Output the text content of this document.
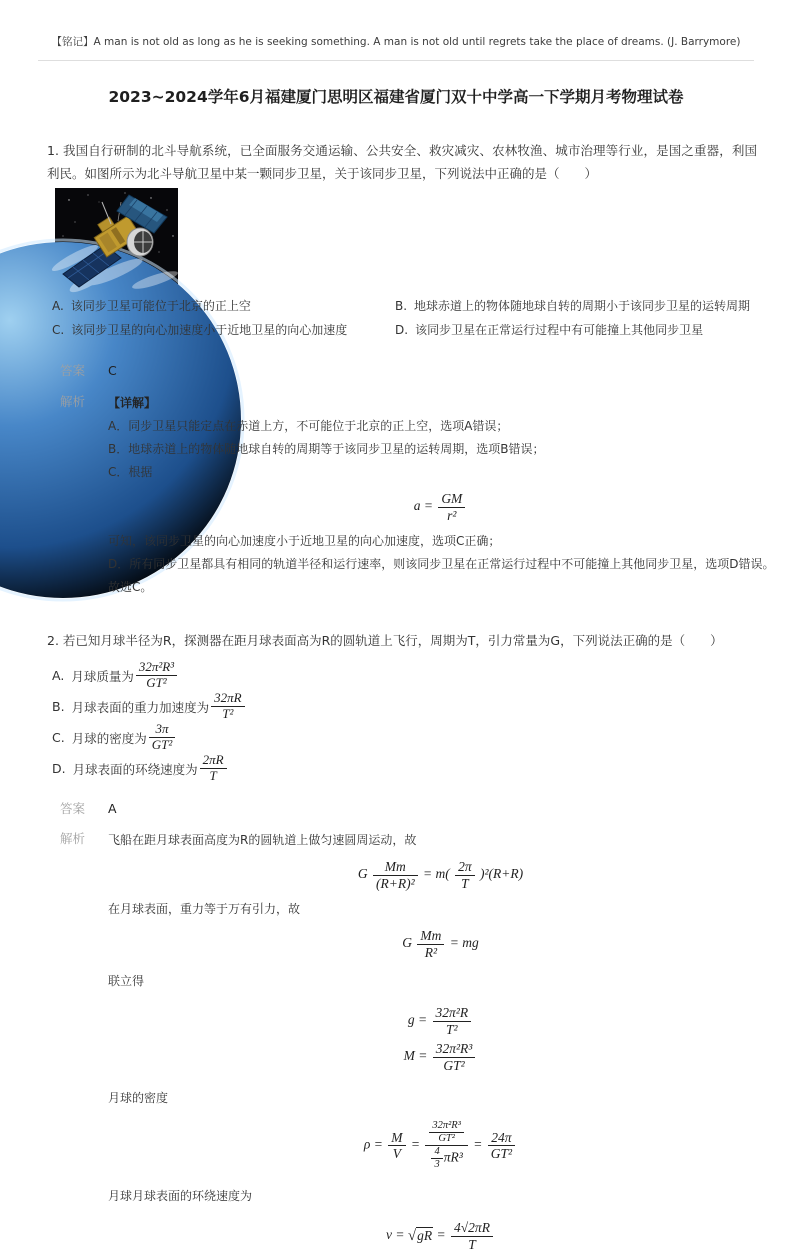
【铭记】A man is not old as long as he is seeking something. A man is not old until regrets take the place of dreams. (J. Barrymore)
2023~2024学年6月福建厦门思明区福建省厦门双十中学高一下学期月考物理试卷
1. 我国自行研制的北斗导航系统，已全面服务交通运输、公共安全、救灾减灾、农林牧渔、城市治理等行业，是国之重器，利国利民。如图所示为北斗导航卫星中某一颗同步卫星，关于该同步卫星，下列说法中正确的是（　　）
A. 该同步卫星可能位于北京的正上空	B. 地球赤道上的物体随地球自转的周期小于该同步卫星的运转周期
C. 该同步卫星的向心加速度小于近地卫星的向心加速度	D. 该同步卫星在正常运行过程中有可能撞上其他同步卫星
答案	C
解析	【详解】
A．同步卫星只能定点在赤道上方，不可能位于北京的正上空，选项A错误；
B．地球赤道上的物体随地球自转的周期等于该同步卫星的运转周期，选项B错误；
C．根据
$a = \frac{GM}{\text{r²}}$
可知，该同步卫星的向心加速度小于近地卫星的向心加速度，选项C正确；
D．所有同步卫星都具有相同的轨道半径和运行速率，则该同步卫星在正常运行过程中不可能撞上其他同步卫星，选项D错误。
故选C。
2. 若已知月球半径为R，探测器在距月球表面高为R的圆轨道上飞行，周期为T，引力常量为G，下列说法正确的是（　　）
A. 月球质量为 $\frac{\text{32π²R³}}{\text{GT²}}$
B. 月球表面的重力加速度为 $\frac{32\pi R}{\text{T²}}$
C. 月球的密度为 $\frac{3\pi}{\text{GT²}}$
D. 月球表面的环绕速度为 $\frac{2\pi R}{T}$
答案	A
解析	飞船在距月球表面高度为R的圆轨道上做匀速圆周运动，故
G $\frac{Mm}{\text{(R+R)²}} = m( \frac{2\pi}{T} )^2(R+R)$
在月球表面，重力等于万有引力，故
G $\frac{Mm}{\text{R²}}$ = mg
联立得
$g = \frac{\text{32π²R}}{\text{T²}}$
$M = \frac{\text{32π²R³}}{\text{GT²}}$
月球的密度
$\rho = \frac{M}{V} = \frac{\frac{\text{32π²R³}}{\text{GT²}}}{\frac{4}{3} \pi R^3} = \frac{24\pi}{\text{GT²}}$
月球月球表面的环绕速度为
$v = √gR = \frac{4√2\pi R}{T}$
